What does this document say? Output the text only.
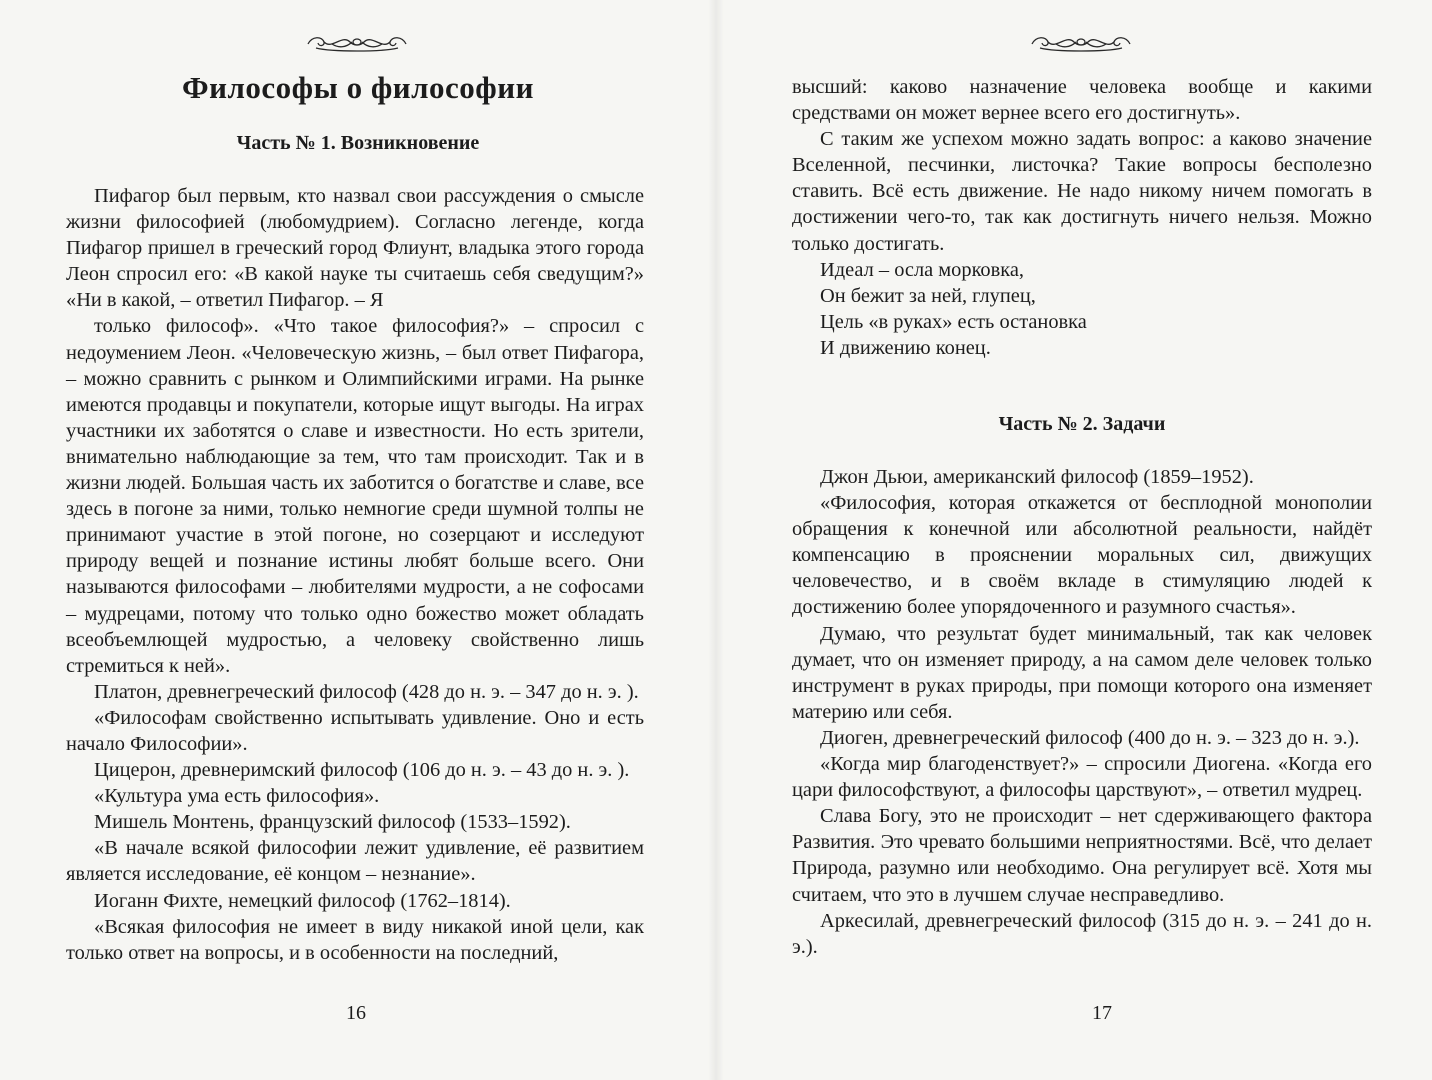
Философы о философии
Часть № 1. Возникновение

Пифагор был первым, кто назвал свои рассуждения о смысле жизни философией (любомудрием). Согласно легенде, когда Пифагор пришел в греческий город Флиунт, владыка этого города Леон спросил его: «В какой науке ты считаешь себя сведущим?» «Ни в какой, – ответил Пифагор. – Я

только философ». «Что такое философия?» – спросил с недоумением Леон. «Человеческую жизнь, – был ответ Пифагора, – можно сравнить с рынком и Олимпийскими играми. На рынке имеются продавцы и покупатели, которые ищут выгоды. На играх участники их заботятся о славе и известности. Но есть зрители, внимательно наблюдающие за тем, что там происходит. Так и в жизни людей. Большая часть их заботится о богатстве и славе, все здесь в погоне за ними, только немногие среди шумной толпы не принимают участие в этой погоне, но созерцают и исследуют природу вещей и познание истины любят больше всего. Они называются философами – любителями мудрости, а не софосами – мудрецами, потому что только одно божество может обладать всеобъемлющей мудростью, а человеку свойственно лишь стремиться к ней».

Платон, древнегреческий философ (428 до н. э. – 347 до н. э. ).

«Философам свойственно испытывать удивление. Оно и есть начало Философии».

Цицерон, древнеримский философ (106 до н. э. – 43 до н. э. ).

«Культура ума есть философия».

Мишель Монтень, французский философ (1533–1592).

«В начале всякой философии лежит удивление, её развитием является исследование, её концом – незнание».

Иоганн Фихте, немецкий философ (1762–1814).

«Всякая философия не имеет в виду никакой иной цели, как только ответ на вопросы, и в особенности на последний,

16

высший: каково назначение человека вообще и какими средствами он может вернее всего его достигнуть».

С таким же успехом можно задать вопрос: а каково значение Вселенной, песчинки, листочка? Такие вопросы бесполезно ставить. Всё есть движение. Не надо никому ничем помогать в достижении чего-то, так как достигнуть ничего нельзя. Можно только достигать.

Идеал – осла морковка,

Он бежит за ней, глупец,

Цель «в руках» есть остановка

И движению конец.

Часть № 2. Задачи

Джон Дьюи, американский философ (1859–1952).

«Философия, которая откажется от бесплодной монополии обращения к конечной или абсолютной реальности, найдёт компенсацию в прояснении моральных сил, движущих человечество, и в своём вкладе в стимуляцию людей к достижению более упорядоченного и разумного счастья».

Думаю, что результат будет минимальный, так как человек думает, что он изменяет природу, а на самом деле человек только инструмент в руках природы, при помощи которого она изменяет материю или себя.

Диоген, древнегреческий философ (400 до н. э. – 323 до н. э.).

«Когда мир благоденствует?» – спросили Диогена. «Когда его цари философствуют, а философы царствуют», – ответил мудрец.

Слава Богу, это не происходит – нет сдерживающего фактора Развития. Это чревато большими неприятностями. Всё, что делает Природа, разумно или необходимо. Она регулирует всё. Хотя мы считаем, что это в лучшем случае несправедливо.

Аркесилай, древнегреческий философ (315 до н. э. – 241 до н. э.).

17
